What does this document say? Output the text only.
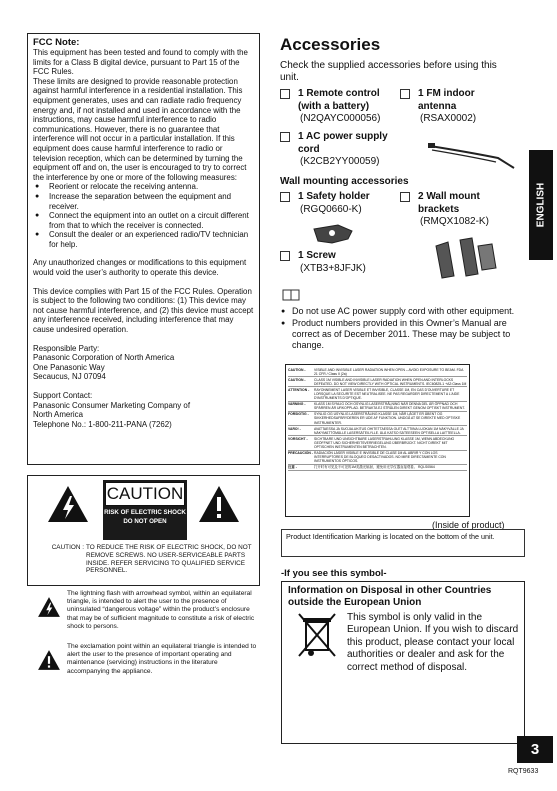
FCC Note:
This equipment has been tested and found to comply with the limits for a Class B digital device, pursuant to Part 15 of the FCC Rules.
These limits are designed to provide reasonable protection against harmful interference in a residential installation. This equipment generates, uses and can radiate radio frequency energy and, if not installed and used in accordance with the instructions, may cause harmful interference to radio communications. However, there is no guarantee that interference will not occur in a particular installation. If this equipment does cause harmful interference to radio or television reception, which can be determined by turning the equipment off and on, the user is encouraged to try to correct the interference by one or more of the following measures:
● Reorient or relocate the receiving antenna.
● Increase the separation between the equipment and receiver.
● Connect the equipment into an outlet on a circuit different from that to which the receiver is connected.
● Consult the dealer or an experienced radio/TV technician for help.
Any unauthorized changes or modifications to this equipment would void the user’s authority to operate this device.
This device complies with Part 15 of the FCC Rules. Operation is subject to the following two conditions: (1) This device may not cause harmful interference, and (2) this device must accept any interference received, including interference that may cause undesired operation.
Responsible Party:
Panasonic Corporation of North America
One Panasonic Way
Secaucus, NJ 07094
Support Contact:
Panasonic Consumer Marketing Company of
North America
Telephone No.: 1-800-211-PANA (7262)
CAUTION
RISK OF ELECTRIC SHOCK
DO NOT OPEN
CAUTION : TO REDUCE THE RISK OF ELECTRIC SHOCK, DO NOT REMOVE SCREWS. NO USER-SERVICEABLE PARTS INSIDE. REFER SERVICING TO QUALIFIED SERVICE PERSONNEL.
The lightning flash with arrowhead symbol, within an equilateral triangle, is intended to alert the user to the presence of uninsulated “dangerous voltage” within the product’s enclosure that may be of sufficient magnitude to constitute a risk of electric shock to persons.
The exclamation point within an equilateral triangle is intended to alert the user to the presence of important operating and maintenance (servicing) instructions in the literature accompanying the appliance.
Accessories
Check the supplied accessories before using this unit.
1 Remote control (with a battery)
(N2QAYC000056)
1 FM indoor antenna
(RSAX0002)
1 AC power supply cord
(K2CB2YY00059)
Wall mounting accessories
1 Safety holder
(RGQ0660-K)
2 Wall mount brackets
(RMQX1082-K)
1 Screw
(XTB3+8JFJK)
● Do not use AC power supply cord with other equipment.
● Product numbers provided in this Owner’s Manual are correct as of December 2011. These may be subject to change.
CAUTION -	VISIBLE AND INVISIBLE LASER RADIATION WHEN OPEN – AVOID EXPOSURE TO BEAM. FDA 21 CFR / Class II (2a)
CAUTION -	CLASS 1M VISIBLE AND INVISIBLE LASER RADIATION WHEN OPEN AND INTERLOCKS DEFEATED. DO NOT VIEW DIRECTLY WITH OPTICAL INSTRUMENTS. IEC60825-1 +A2:Class 1M
ATTENTION -	RAYONNEMENT LASER VISIBLE ET INVISIBLE, CLASSE 1M, EN CAS D'OUVERTURE ET LORSQUE LA SECURITE EST NEUTRALISEE. NE PAS REGARDER DIRECTEMENT A L'AIDE D'INSTRUMENTS D'OPTIQUE.
VARNING -	KLASS 1M SYNLIG OCH OSYNLIG LASERSTRÅLNING NÄR DENNA DEL ÄR ÖPPNAD OCH SPÄRREN ÄR URKOPPLAD. BETRAKTA EJ STRÅLEN DIREKT GENOM OPTISKT INSTRUMENT.
FORSIGTIG -	SYNLIG OG USYNLIG LASERSTRÅLING KLASSE 1M, NÅR LÅGET ER ÅBENT OG SIKKERHEDSAFBRYDEREN ER UDE AF FUNKTION. UNDGÅ AT SE DIREKTE MED OPTISKE INSTRUMENTER.
VARO! -	AVATTAESSA JA SUOJALUKITUS OHITETTAESSA OLET ALTTIINA LUOKAN 1M NÄKYVÄLLE JA NÄKYMÄTTÖMÄLLE LASERSÄTEILYLLE. ÄLÄ KATSO SÄTEESEEN OPTISELLA LAITTEELLA.
VORSICHT -	SICHTBARE UND UNSICHTBARE LASERSTRAHLUNG KLASSE 1M, WENN ABDECKUNG GEÖFFNET UND SICHERHEITSVERRIEGELUNG ÜBERBRÜCKT. NICHT DIREKT MIT OPTISCHEN INSTRUMENTEN BETRACHTEN.
PRECAUCIÓN - RADIACIÓN LÁSER VISIBLE E INVISIBLE DE CLASE 1M AL ABRIR Y CON LOS INTERRUPTORES DE BLOQUEO DESACTIVADOS. NO MIRE DIRECTAMENTE CON INSTRUMENTOS ÓPTICOS.
注意 -	打开时有可见及不可见的1M类激光辐射，避免用光学仪器直接观看。 RQLS0564
(Inside of product)
Product Identification Marking is located on the bottom of the unit.
-If you see this symbol-
Information on Disposal in other Countries outside the European Union
This symbol is only valid in the European Union. If you wish to discard this product, please contact your local authorities or dealer and ask for the correct method of disposal.
ENGLISH
3
RQT9633
